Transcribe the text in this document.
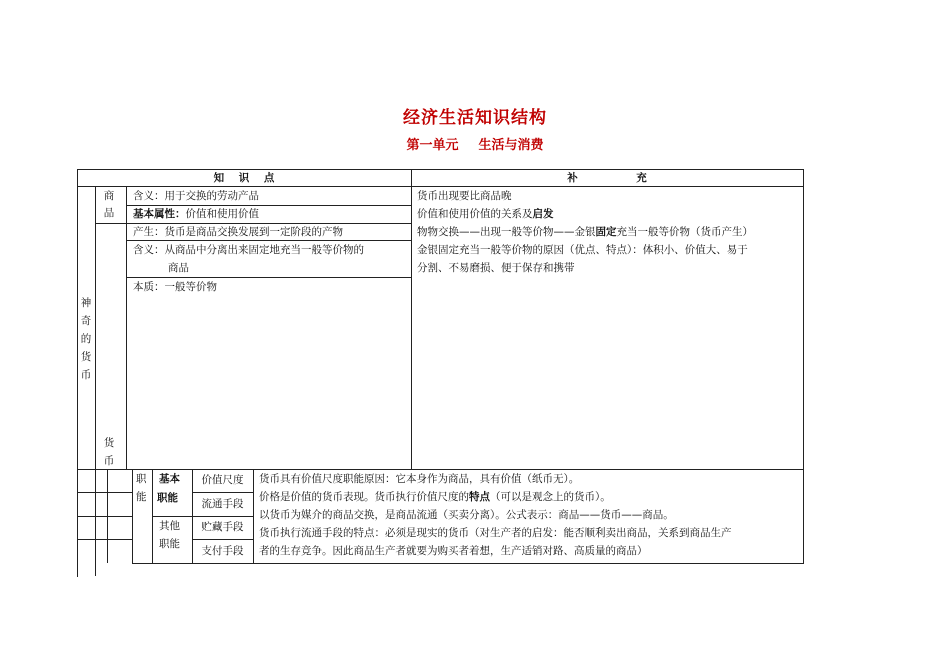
经济生活知识结构
第一单元 生活与消费
知    识    点	补                充
神奇的货币
商品
含义：用于交换的劳动产品
基本属性：价值和使用价值
货币
产生：货币是商品交换发展到一定阶段的产物
含义：从商品中分离出来固定地充当一般等价物的
商品
本质：一般等价物
货币出现要比商品晚
价值和使用价值的关系及启发
物物交换——出现一般等价物——金银固定充当一般等价物（货币产生）
金银固定充当一般等价物的原因（优点、特点）：体积小、价值大、易于
分割、不易磨损、便于保存和携带
职
能
基本
职能
其他
职能
价值尺度
流通手段
贮藏手段
支付手段
货币具有价值尺度职能原因：它本身作为商品，具有价值（纸币无）。
价格是价值的货币表现。货币执行价值尺度的特点（可以是观念上的货币）。
以货币为媒介的商品交换，是商品流通（买卖分离）。公式表示：商品——货币——商品。
货币执行流通手段的特点：必须是现实的货币（对生产者的启发：能否顺利卖出商品，关系到商品生产
者的生存竞争。因此商品生产者就要为购买者着想，生产适销对路、高质量的商品）
